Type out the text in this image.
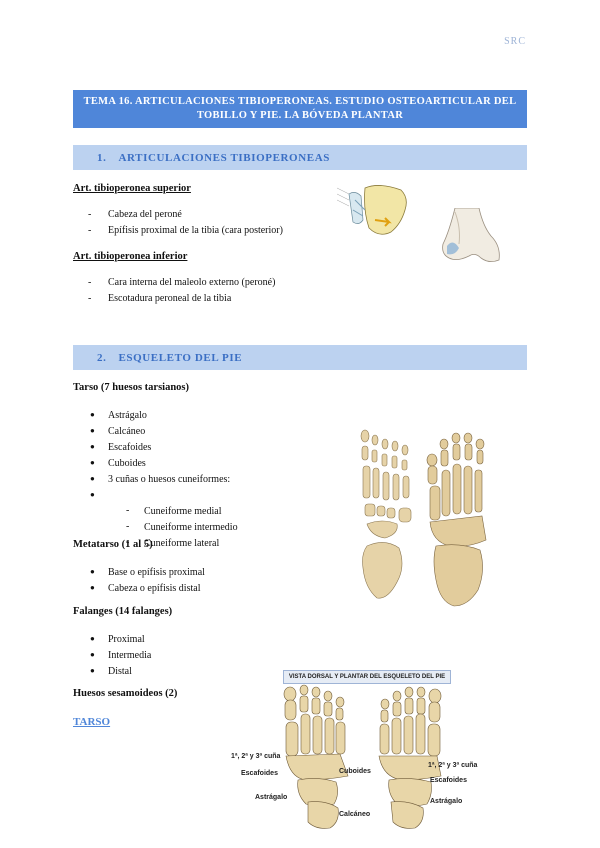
SRC
TEMA 16. ARTICULACIONES TIBIOPERONEAS. ESTUDIO OSTEOARTICULAR DEL TOBILLO Y PIE. LA BÓVEDA PLANTAR
1. ARTICULACIONES TIBIOPERONEAS
Art. tibioperonea superior
- Cabeza del peroné
- Epífisis proximal de la tibia (cara posterior)
Art. tibioperonea inferior
- Cara interna del maleolo externo (peroné)
- Escotadura peroneal de la tibia
2. ESQUELETO DEL PIE
Tarso (7 huesos tarsianos)
● Astrágalo
● Calcáneo
● Escafoides
● Cuboides
● 3 cuñas o huesos cuneiformes:
- ● Cuneiforme medial
- Cuneiforme intermedio
- Cuneiforme lateral
Metatarso (1 al 5)
● Base o epífisis proximal
● Cabeza o epífisis distal
Falanges (14 falanges)
● Proximal
● Intermedia
● Distal
Huesos sesamoideos (2)
TARSO
VISTA DORSAL Y PLANTAR DEL ESQUELETO DEL PIE
1ª, 2ª y 3ª cuña
Escafoides
Astrágalo
Cuboides
Calcáneo
1ª, 2ª y 3ª cuña
Escafoides
Astrágalo
